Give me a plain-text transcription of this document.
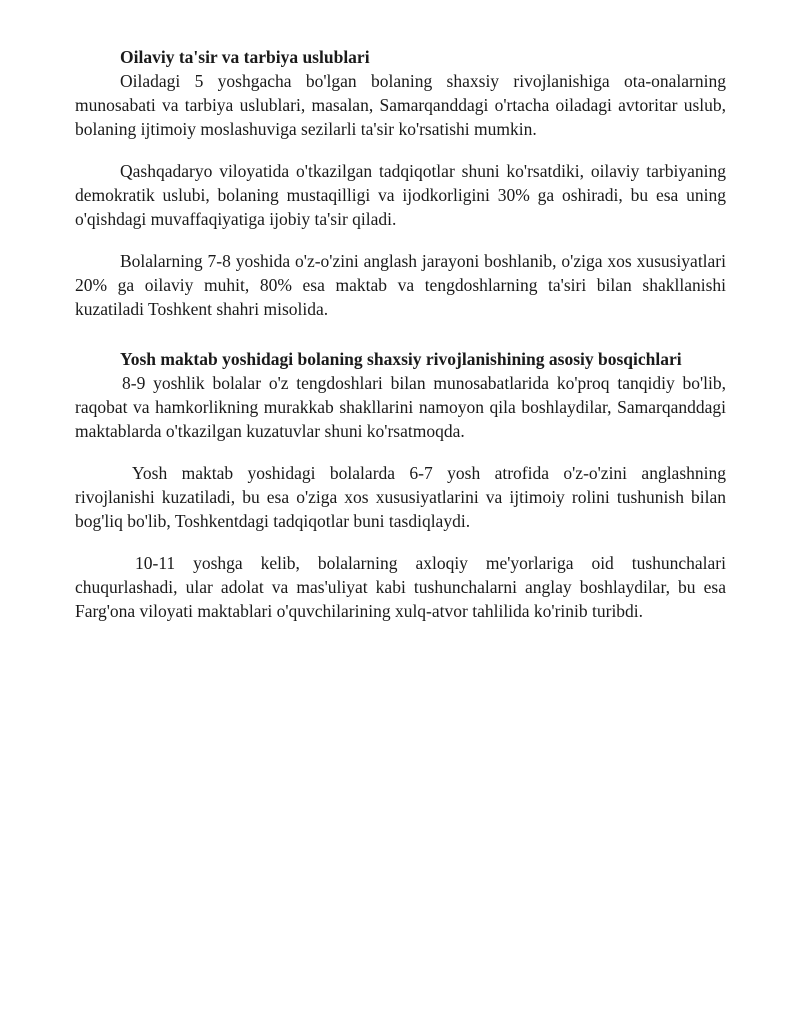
Oilaviy ta'sir va tarbiya uslublari

Oiladagi 5 yoshgacha bo'lgan bolaning shaxsiy rivojlanishiga ota-onalarning munosabati va tarbiya uslublari, masalan, Samarqanddagi o'rtacha oiladagi avtoritar uslub, bolaning ijtimoiy moslashuviga sezilarli ta'sir ko'rsatishi mumkin.

Qashqadaryo viloyatida o'tkazilgan tadqiqotlar shuni ko'rsatdiki, oilaviy tarbiyaning demokratik uslubi, bolaning mustaqilligi va ijodkorligini 30% ga oshiradi, bu esa uning o'qishdagi muvaffaqiyatiga ijobiy ta'sir qiladi.

Bolalarning 7-8 yoshida o'z-o'zini anglash jarayoni boshlanib, o'ziga xos xususiyatlari 20% ga oilaviy muhit, 80% esa maktab va tengdoshlarning ta'siri bilan shakllanishi kuzatiladi Toshkent shahri misolida.

Yosh maktab yoshidagi bolaning shaxsiy rivojlanishining asosiy bosqichlari

8-9 yoshlik bolalar o'z tengdoshlari bilan munosabatlarida ko'proq tanqidiy bo'lib, raqobat va hamkorlikning murakkab shakllarini namoyon qila boshlaydilar, Samarqanddagi maktablarda o'tkazilgan kuzatuvlar shuni ko'rsatmoqda.

Yosh maktab yoshidagi bolalarda 6-7 yosh atrofida o'z-o'zini anglashning rivojlanishi kuzatiladi, bu esa o'ziga xos xususiyatlarini va ijtimoiy rolini tushunish bilan bog'liq bo'lib, Toshkentdagi tadqiqotlar buni tasdiqlaydi.

10-11 yoshga kelib, bolalarning axloqiy me'yorlariga oid tushunchalari chuqurlashadi, ular adolat va mas'uliyat kabi tushunchalarni anglay boshlaydilar, bu esa Farg'ona viloyati maktablari o'quvchilarining xulq-atvor tahlilida ko'rinib turibdi.
